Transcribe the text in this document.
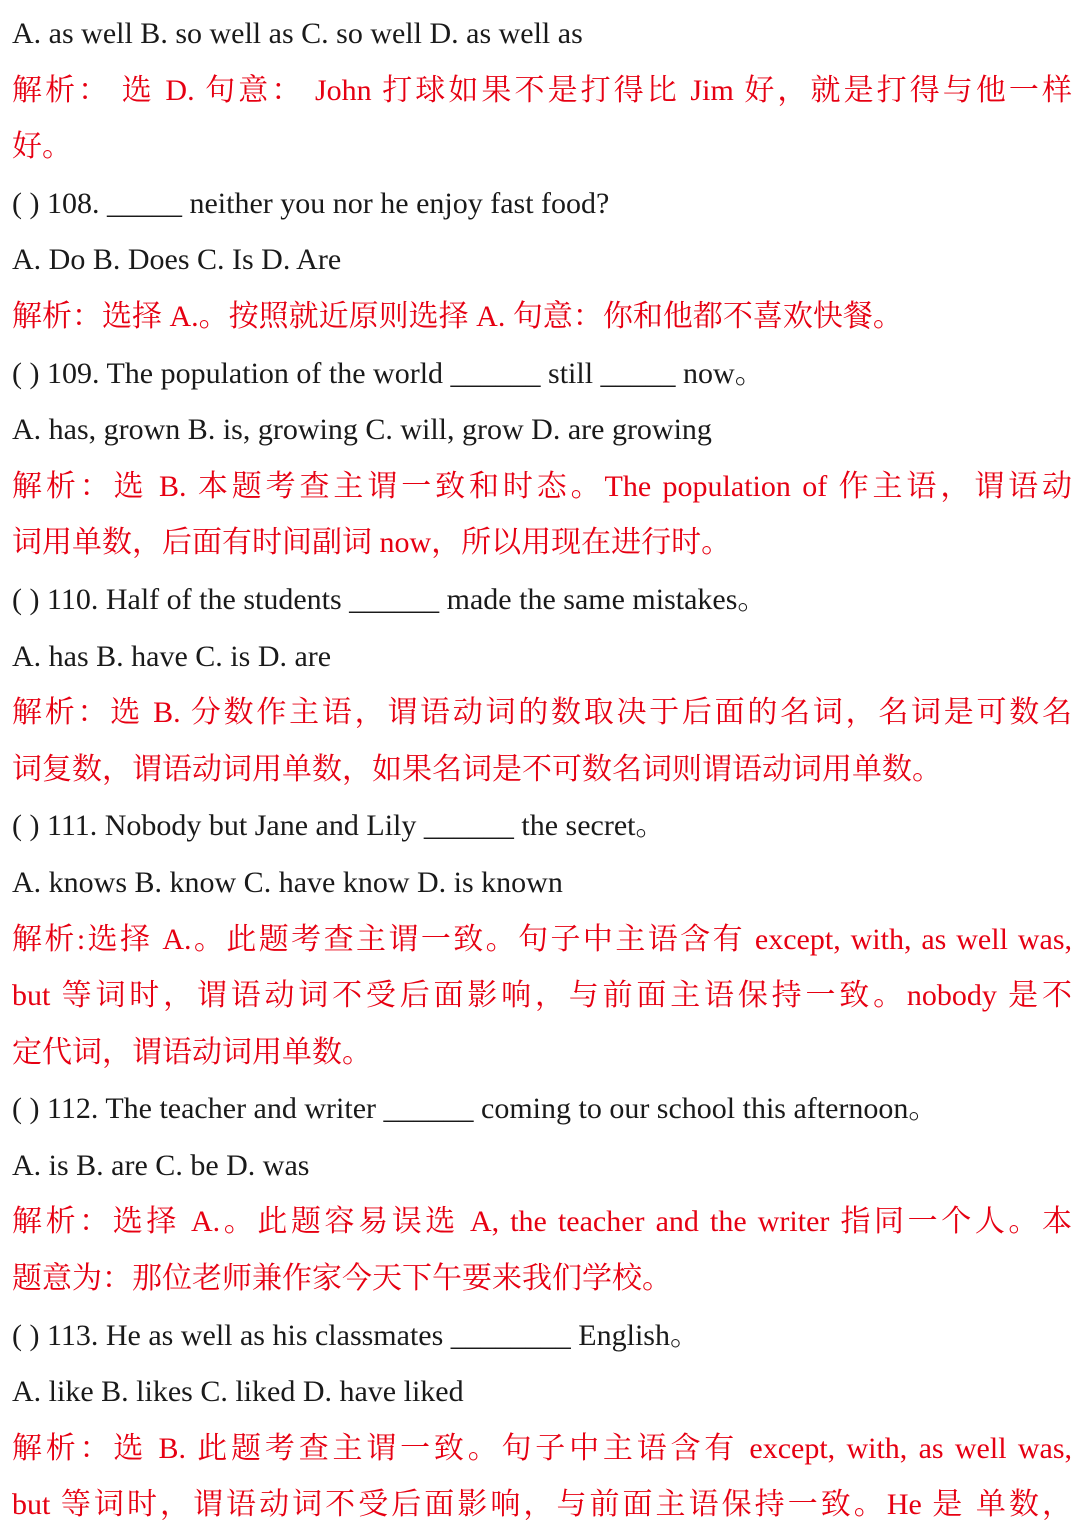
A. as well B. so well as C. so well D. as well as
解析： 选 D. 句意： John 打球如果不是打得比 Jim 好，就是打得与他一样
好。
( ) 108. _____ neither you nor he enjoy fast food?
A. Do B. Does C. Is D. Are
解析：选择 A.。按照就近原则选择 A. 句意：你和他都不喜欢快餐。
( ) 109. The population of the world ______ still _____ now。
A. has, grown B. is, growing C. will, grow D. are growing
解析：选 B. 本题考查主谓一致和时态。The population of 作主语，谓语动
词用单数，后面有时间副词 now，所以用现在进行时。
( ) 110. Half of the students ______ made the same mistakes。
A. has B. have C. is D. are
解析：选 B. 分数作主语，谓语动词的数取决于后面的名词，名词是可数名
词复数，谓语动词用单数，如果名词是不可数名词则谓语动词用单数。
( ) 111. Nobody but Jane and Lily ______ the secret。
A. knows B. know C. have know D. is known
解析:选择 A.。此题考查主谓一致。句子中主语含有 except, with, as well was,
but 等词时，谓语动词不受后面影响，与前面主语保持一致。nobody 是不
定代词，谓语动词用单数。
( ) 112. The teacher and writer ______ coming to our school this afternoon。
A. is B. are C. be D. was
解析：选择 A.。此题容易误选 A, the teacher and the writer 指同一个人。本
题意为：那位老师兼作家今天下午要来我们学校。
( ) 113. He as well as his classmates ________ English。
A. like B. likes C. liked D. have liked
解析：选 B. 此题考查主谓一致。句子中主语含有 except, with, as well was,
but 等词时，谓语动词不受后面影响，与前面主语保持一致。He 是 单数，
